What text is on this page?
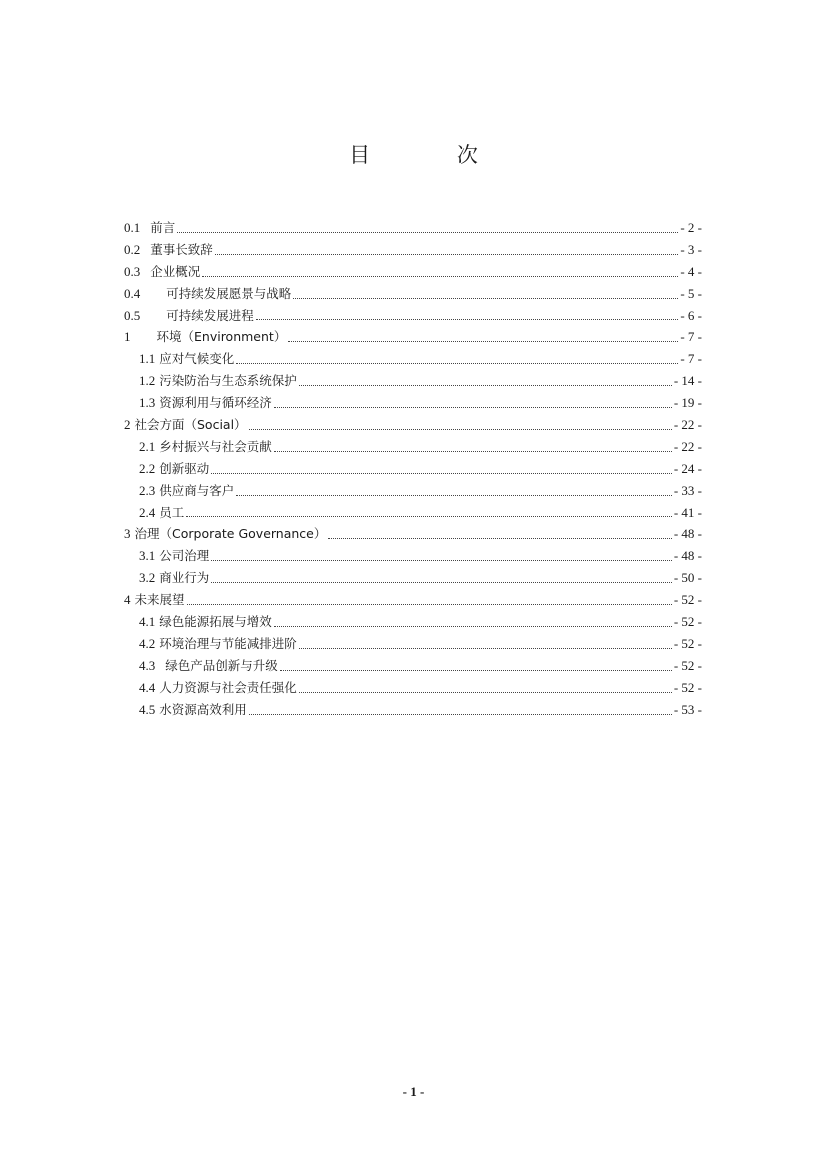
目 次
0.1 前言	- 2 -
0.2 董事长致辞	- 3 -
0.3 企业概况	- 4 -
0.4 可持续发展愿景与战略	- 5 -
0.5 可持续发展进程	- 6 -
1 环境（Environment）	- 7 -
1.1 应对气候变化	- 7 -
1.2 污染防治与生态系统保护	- 14 -
1.3 资源利用与循环经济	- 19 -
2 社会方面（Social）	- 22 -
2.1 乡村振兴与社会贡献	- 22 -
2.2 创新驱动	- 24 -
2.3 供应商与客户	- 33 -
2.4 员工	- 41 -
3 治理（Corporate Governance）	- 48 -
3.1 公司治理	- 48 -
3.2 商业行为	- 50 -
4 未来展望	- 52 -
4.1 绿色能源拓展与增效	- 52 -
4.2 环境治理与节能减排进阶	- 52 -
4.3 绿色产品创新与升级	- 52 -
4.4 人力资源与社会责任强化	- 52 -
4.5 水资源高效利用	- 53 -
- 1 -
